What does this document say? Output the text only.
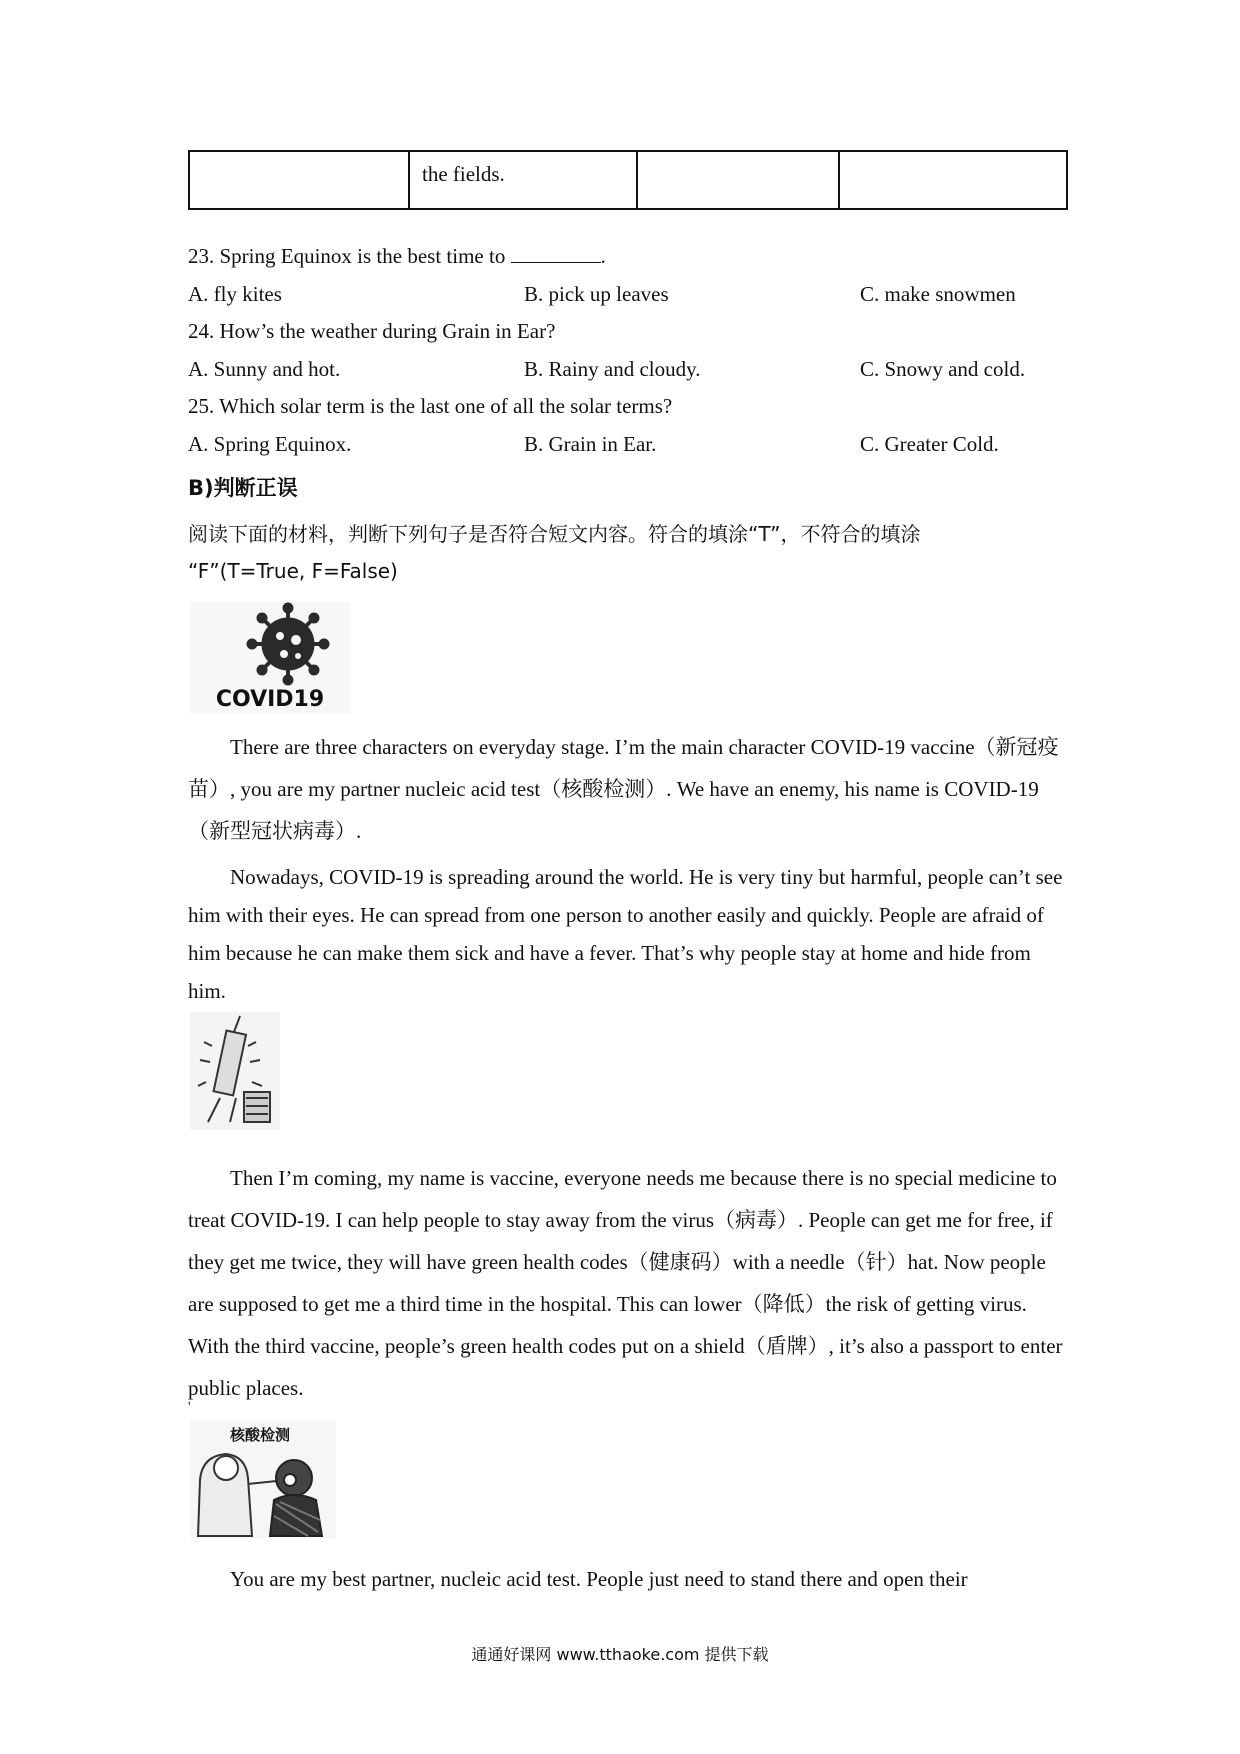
the fields.
23. Spring Equinox is the best time to	.
A. fly kites	B. pick up leaves	C. make snowmen
24. How’s the weather during Grain in Ear?
A. Sunny and hot.	B. Rainy and cloudy.	C. Snowy and cold.
25. Which solar term is the last one of all the solar terms?
A. Spring Equinox.	B. Grain in Ear.	C. Greater Cold.
B)判断正误
阅读下面的材料，判断下列句子是否符合短文内容。符合的填涂“T”，不符合的填涂
“F”(T=True, F=False)
COVID19
There are three characters on everyday stage. I’m the main character COVID-19 vaccine（新冠疫苗）, you are my partner nucleic acid test（核酸检测）. We have an enemy, his name is COVID-19（新型冠状病毒）.
Nowadays, COVID-19 is spreading around the world. He is very tiny but harmful, people can’t see him with their eyes. He can spread from one person to another easily and quickly. People are afraid of him because he can make them sick and have a fever. That’s why people stay at home and hide from him.
Then I’m coming, my name is vaccine, everyone needs me because there is no special medicine to treat COVID-19. I can help people to stay away from the virus（病毒）. People can get me for free, if they get me twice, they will have green health codes（健康码）with a needle（针）hat. Now people are supposed to get me a third time in the hospital. This can lower（降低）the risk of getting virus. With the third vaccine, people’s green health codes put on a shield（盾牌）, it’s also a passport to enter public places.
'
核酸检测
You are my best partner, nucleic acid test. People just need to stand there and open their
通通好课网 www.tthaoke.com 提供下载
